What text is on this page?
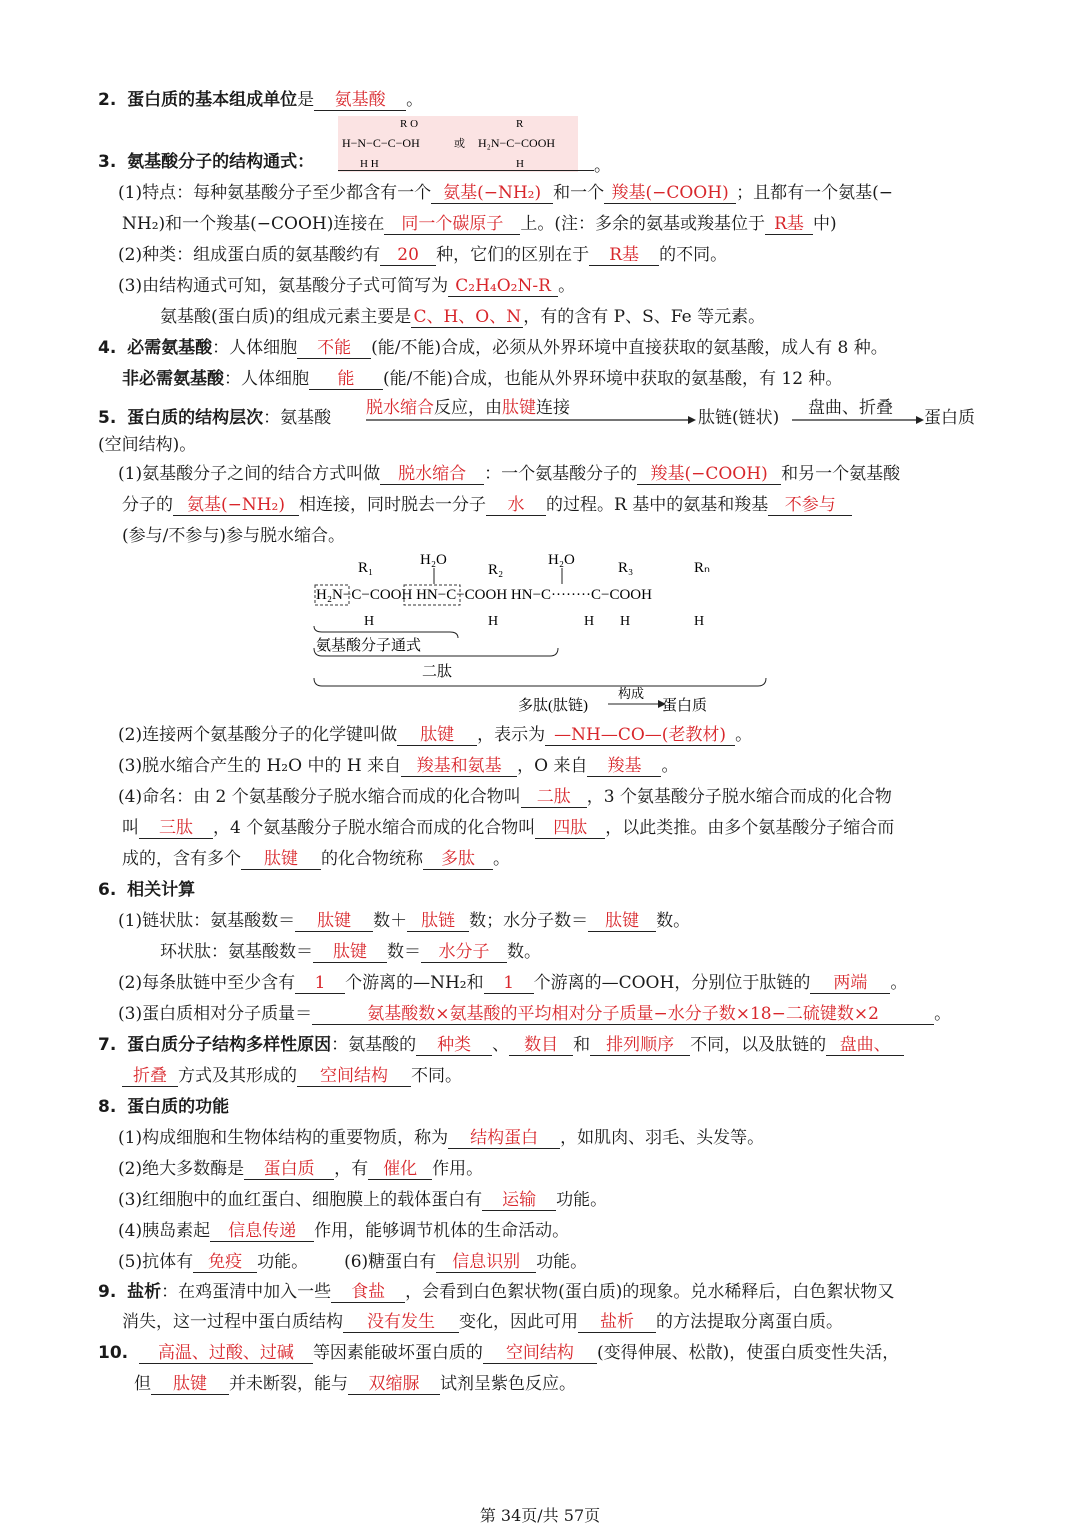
2. 蛋白质的基本组成单位是 氨基酸 。
R O
H−N−C−C−OH	或
R
H₂N−C−COOH
H H	H
3. 氨基酸分子的结构通式：	。
(1)特点：每种氨基酸分子至少都含有一个 氨基(−NH₂) 和一个 羧基(−COOH) ；且都有一个氨基(−
NH₂)和一个羧基(−COOH)连接在 同一个碳原子 上。(注：多余的氨基或羧基位于 R基 中)
(2)种类：组成蛋白质的氨基酸约有 20 种，它们的区别在于 R基 的不同。
(3)由结构通式可知，氨基酸分子式可简写为 C₂H₄O₂N-R 。
氨基酸(蛋白质)的组成元素主要是 C、H、O、N ，有的含有 P、S、Fe 等元素。
4. 必需氨基酸：人体细胞 不能 (能/不能)合成，必须从外界环境中直接获取的氨基酸，成人有 8 种。
非必需氨基酸：人体细胞 能 (能/不能)合成，也能从外界环境中获取的氨基酸，有 12 种。
5. 蛋白质的结构层次：氨基酸 脱水缩合反应，由肽键连接	肽链(链状) 盘曲、折叠 蛋白质
(空间结构)。
(1)氨基酸分子之间的结合方式叫做 脱水缩合 ：一个氨基酸分子的 羧基(−COOH) 和另一个氨基酸
分子的 氨基(−NH₂) 相连接，同时脱去一分子 水 的过程。R 基中的氨基和羧基 不参与
(参与/不参与)参与脱水缩合。
R₁	H₂O
R₂
H₂O	R₃	Rₙ
H₂N−C−COOH HN−C−COOH HN−C········C−COOH
H	H	H H	H
氨基酸分子通式
二肽
多肽(肽链)
构成
蛋白质
(2)连接两个氨基酸分子的化学键叫做 肽键 ，表示为 —NH—CO—(老教材) 。
(3)脱水缩合产生的 H₂O 中的 H 来自 羧基和氨基 ，O 来自 羧基 。
(4)命名：由 2 个氨基酸分子脱水缩合而成的化合物叫 二肽 ，3 个氨基酸分子脱水缩合而成的化合物
叫 三肽 ，4 个氨基酸分子脱水缩合而成的化合物叫 四肽 ，以此类推。由多个氨基酸分子缩合而
成的，含有多个 肽键 的化合物统称 多肽 。
6. 相关计算
(1)链状肽：氨基酸数＝ 肽键 数＋ 肽链 数；水分子数＝ 肽键 数。
环状肽：氨基酸数＝ 肽键 数＝ 水分子 数。
(2)每条肽链中至少含有 1 个游离的—NH₂和 1 个游离的—COOH，分别位于肽链的 两端 。
(3)蛋白质相对分子质量＝	氨基酸数×氨基酸的平均相对分子质量−水分子数×18−二硫键数×2	。
7. 蛋白质分子结构多样性原因：氨基酸的 种类 、 数目 和 排列顺序 不同，以及肽链的 盘曲、
折叠 方式及其形成的 空间结构 不同。
8. 蛋白质的功能
(1)构成细胞和生物体结构的重要物质，称为 结构蛋白 ，如肌肉、羽毛、头发等。
(2)绝大多数酶是 蛋白质 ，有 催化 作用。
(3)红细胞中的血红蛋白、细胞膜上的载体蛋白有 运输 功能。
(4)胰岛素起 信息传递 作用，能够调节机体的生命活动。
(5)抗体有 免疫 功能。 (6)糖蛋白有 信息识别 功能。
9. 盐析：在鸡蛋清中加入一些 食盐 ，会看到白色絮状物(蛋白质)的现象。兑水稀释后，白色絮状物又
消失，这一过程中蛋白质结构 没有发生 变化，因此可用 盐析 的方法提取分离蛋白质。
10. 高温、过酸、过碱 等因素能破坏蛋白质的 空间结构 (变得伸展、松散)，使蛋白质变性失活，
但 肽键 并未断裂，能与 双缩脲 试剂呈紫色反应。
第 34页/共 57页
